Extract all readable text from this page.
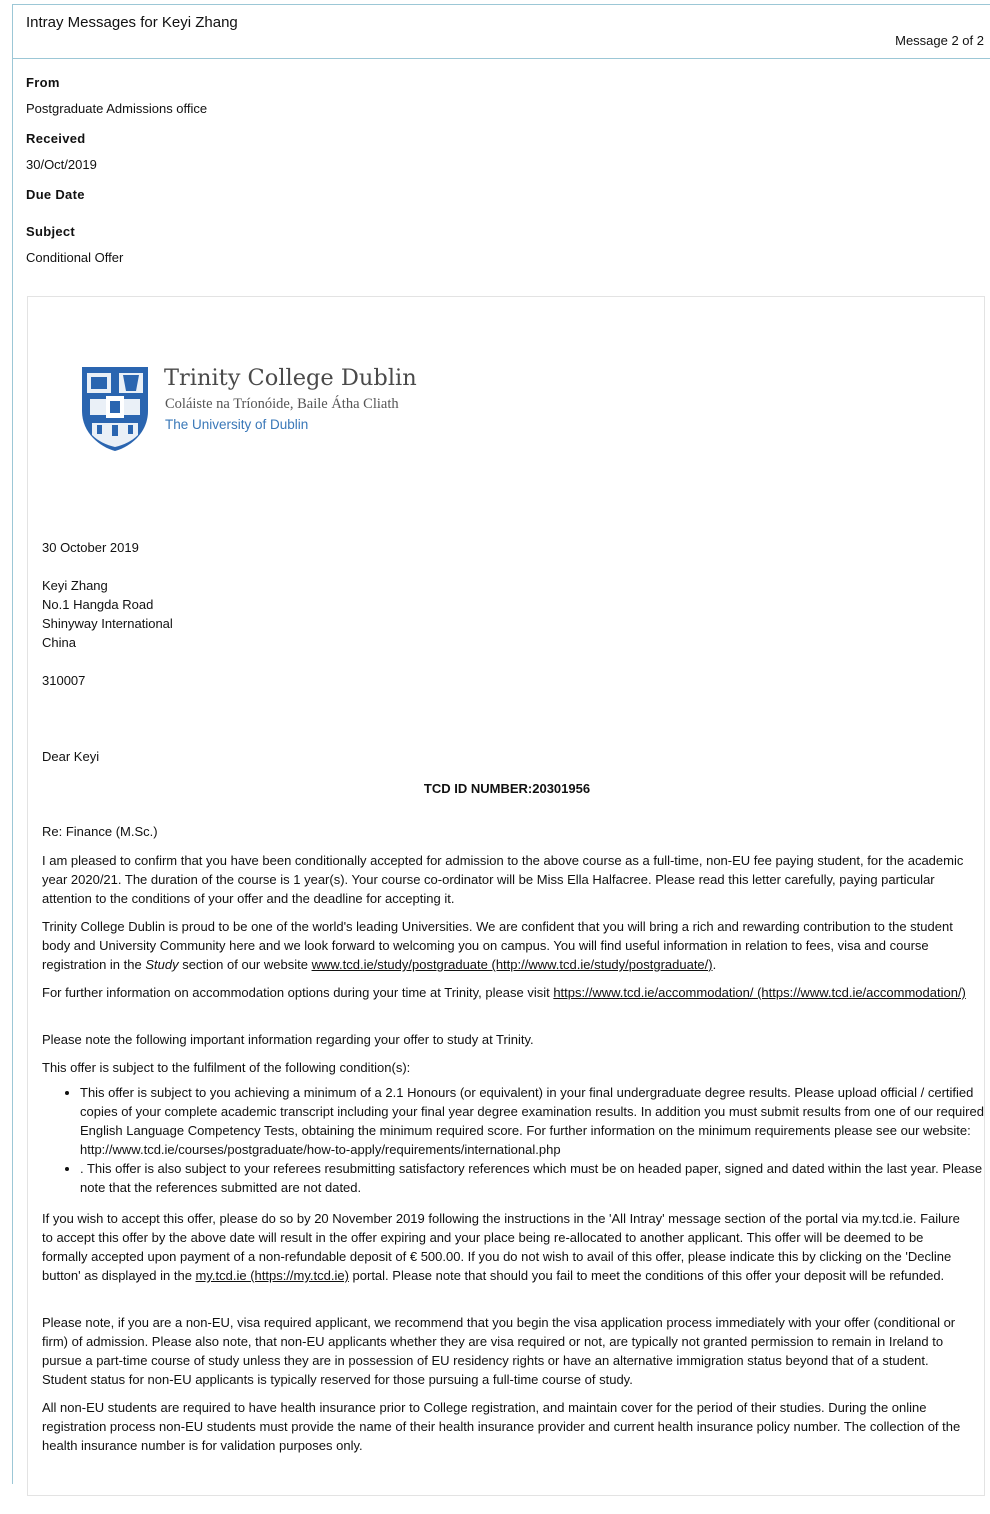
Intray Messages for Keyi Zhang
Message 2 of 2
From
Postgraduate Admissions office
Received
30/Oct/2019
Due Date
Subject
Conditional Offer
Trinity College Dublin
Coláiste na Tríonóide, Baile Átha Cliath
The University of Dublin
30 October 2019
Keyi Zhang
No.1 Hangda Road
Shinyway International
China
310007
Dear Keyi
TCD ID NUMBER:20301956
Re: Finance (M.Sc.)

I am pleased to confirm that you have been conditionally accepted for admission to the above course as a full-time, non-EU fee paying student, for the academic year 2020/21. The duration of the course is 1 year(s). Your course co-ordinator will be Miss Ella Halfacree. Please read this letter carefully, paying particular attention to the conditions of your offer and the deadline for accepting it.

Trinity College Dublin is proud to be one of the world's leading Universities. We are confident that you will bring a rich and rewarding contribution to the student body and University Community here and we look forward to welcoming you on campus. You will find useful information in relation to fees, visa and course registration in the Study section of our website www.tcd.ie/study/postgraduate (http://www.tcd.ie/study/postgraduate/).

For further information on accommodation options during your time at Trinity, please visit https://www.tcd.ie/accommodation/ (https://www.tcd.ie/accommodation/)

Please note the following important information regarding your offer to study at Trinity.

This offer is subject to the fulfilment of the following condition(s):

• This offer is subject to you achieving a minimum of a 2.1 Honours (or equivalent) in your final undergraduate degree results. Please upload official / certified copies of your complete academic transcript including your final year degree examination results. In addition you must submit results from one of our required English Language Competency Tests, obtaining the minimum required score. For further information on the minimum requirements please see our website: http://www.tcd.ie/courses/postgraduate/how-to-apply/requirements/international.php
• . This offer is also subject to your referees resubmitting satisfactory references which must be on headed paper, signed and dated within the last year. Please note that the references submitted are not dated.

If you wish to accept this offer, please do so by 20 November 2019 following the instructions in the 'All Intray' message section of the portal via my.tcd.ie. Failure to accept this offer by the above date will result in the offer expiring and your place being re-allocated to another applicant. This offer will be deemed to be formally accepted upon payment of a non-refundable deposit of € 500.00. If you do not wish to avail of this offer, please indicate this by clicking on the 'Decline button' as displayed in the my.tcd.ie (https://my.tcd.ie) portal. Please note that should you fail to meet the conditions of this offer your deposit will be refunded.

Please note, if you are a non-EU, visa required applicant, we recommend that you begin the visa application process immediately with your offer (conditional or firm) of admission. Please also note, that non-EU applicants whether they are visa required or not, are typically not granted permission to remain in Ireland to pursue a part-time course of study unless they are in possession of EU residency rights or have an alternative immigration status beyond that of a student. Student status for non-EU applicants is typically reserved for those pursuing a full-time course of study.

All non-EU students are required to have health insurance prior to College registration, and maintain cover for the period of their studies. During the online registration process non-EU students must provide the name of their health insurance provider and current health insurance policy number. The collection of the health insurance number is for validation purposes only.
